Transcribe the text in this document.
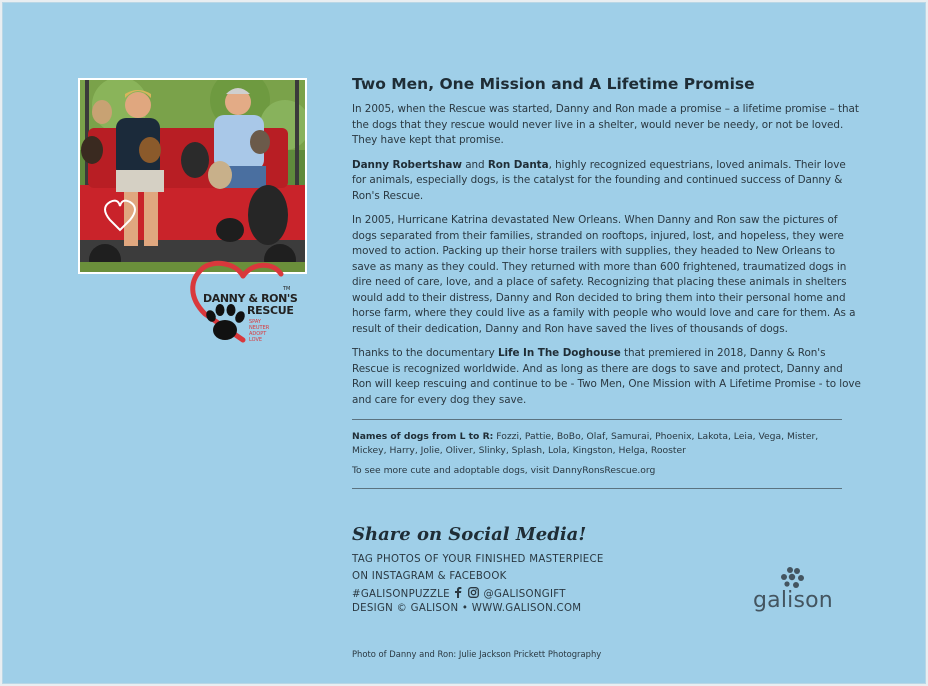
DANNY & RON'S
TM
RESCUE
SPAY
NEUTER
ADOPT
LOVE
Two Men, One Mission and A Lifetime Promise

In 2005, when the Rescue was started, Danny and Ron made a promise – a lifetime promise – that the dogs that they rescue would never live in a shelter, would never be needy, or not be loved. They have kept that promise.

Danny Robertshaw and Ron Danta, highly recognized equestrians, loved animals. Their love for animals, especially dogs, is the catalyst for the founding and continued success of Danny & Ron's Rescue.

In 2005, Hurricane Katrina devastated New Orleans. When Danny and Ron saw the pictures of dogs separated from their families, stranded on rooftops, injured, lost, and hopeless, they were moved to action. Packing up their horse trailers with supplies, they headed to New Orleans to save as many as they could. They returned with more than 600 frightened, traumatized dogs in dire need of care, love, and a place of safety. Recognizing that placing these animals in shelters would add to their distress, Danny and Ron decided to bring them into their personal home and horse farm, where they could live as a family with people who would love and care for them. As a result of their dedication, Danny and Ron have saved the lives of thousands of dogs.

Thanks to the documentary Life In The Doghouse that premiered in 2018, Danny & Ron's Rescue is recognized worldwide. And as long as there are dogs to save and protect, Danny and Ron will keep rescuing and continue to be - Two Men, One Mission with A Lifetime Promise - to love and care for every dog they save.

Names of dogs from L to R: Fozzi, Pattie, BoBo, Olaf, Samurai, Phoenix, Lakota, Leia, Vega, Mister, Mickey, Harry, Jolie, Oliver, Slinky, Splash, Lola, Kingston, Helga, Rooster
To see more cute and adoptable dogs, visit DannyRonsRescue.org
Share on Social Media!
TAG PHOTOS OF YOUR FINISHED MASTERPIECE
ON INSTAGRAM & FACEBOOK
#GALISONPUZZLE	@GALISONGIFT
DESIGN © GALISON • WWW.GALISON.COM
Photo of Danny and Ron: Julie Jackson Prickett Photography
galison
